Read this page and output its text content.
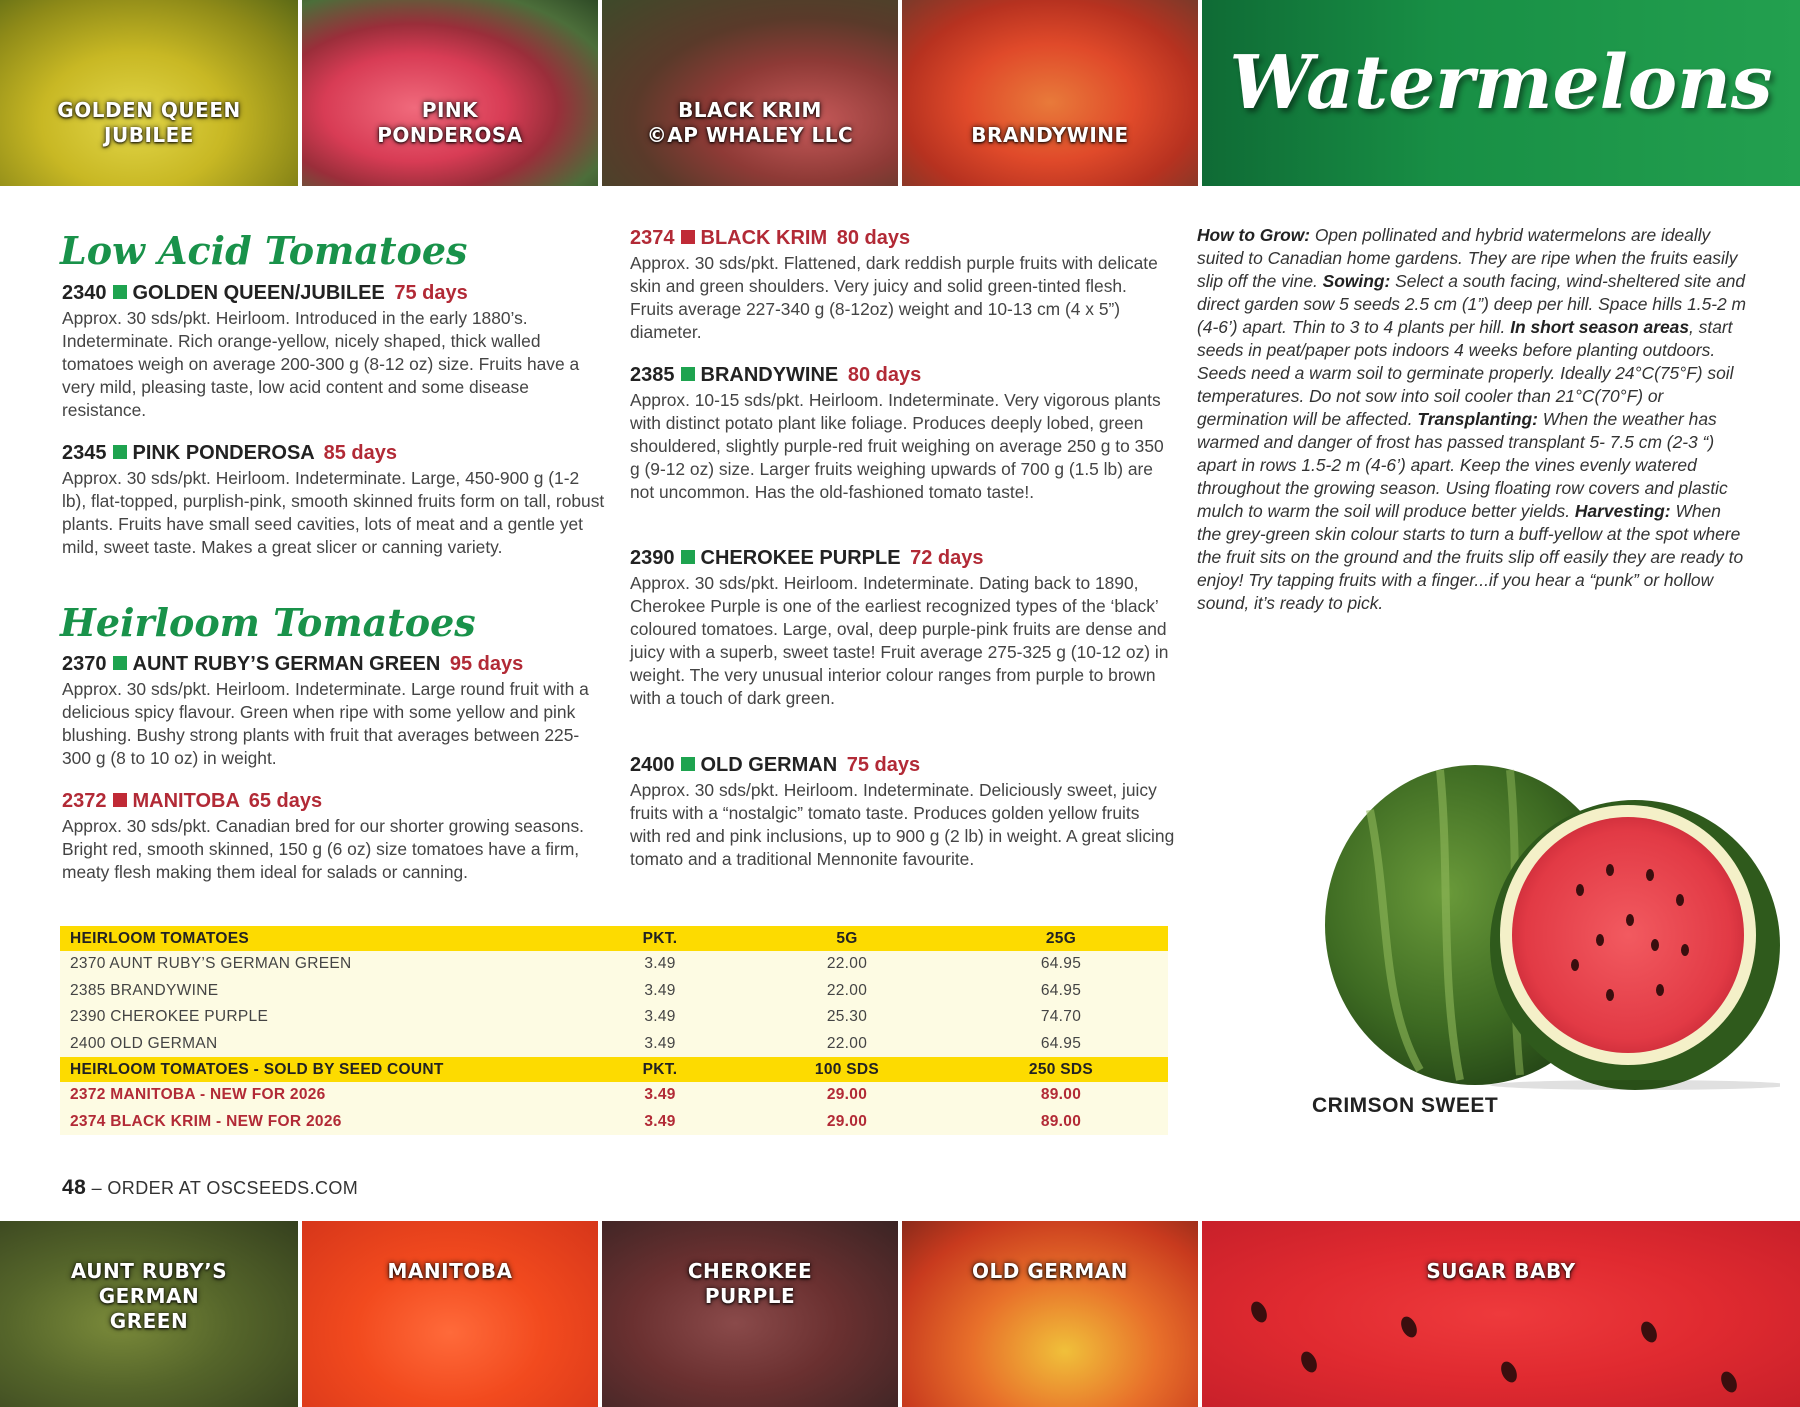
GOLDEN QUEEN
JUBILEE
PINK
PONDEROSA
BLACK KRIM
©AP WHALEY LLC	BRANDYWINE
Watermelons
Low Acid Tomatoes
2340 GOLDEN QUEEN/JUBILEE 75 days
Approx. 30 sds/pkt. Heirloom. Introduced in the early 1880’s. Indeterminate. Rich orange-yellow, nicely shaped, thick walled tomatoes weigh on average 200-300 g (8-12 oz) size. Fruits have a very mild, pleasing taste, low acid content and some disease resistance.
2345 PINK PONDEROSA 85 days
Approx. 30 sds/pkt. Heirloom. Indeterminate. Large, 450-900 g (1-2 lb), flat-topped, purplish-pink, smooth skinned fruits form on tall, robust plants. Fruits have small seed cavities, lots of meat and a gentle yet mild, sweet taste. Makes a great slicer or canning variety.
Heirloom Tomatoes
2370 AUNT RUBY’S GERMAN GREEN 95 days
Approx. 30 sds/pkt. Heirloom. Indeterminate. Large round fruit with a delicious spicy flavour. Green when ripe with some yellow and pink blushing. Bushy strong plants with fruit that averages between 225-300 g (8 to 10 oz) in weight.
2372 MANITOBA 65 days
Approx. 30 sds/pkt. Canadian bred for our shorter growing seasons. Bright red, smooth skinned, 150 g (6 oz) size tomatoes have a firm, meaty flesh making them ideal for salads or canning.
2374 BLACK KRIM 80 days
Approx. 30 sds/pkt. Flattened, dark reddish purple fruits with delicate skin and green shoulders. Very juicy and solid green-tinted flesh. Fruits average 227-340 g (8-12oz) weight and 10-13 cm (4 x 5”) diameter.
2385 BRANDYWINE 80 days
Approx. 10-15 sds/pkt. Heirloom. Indeterminate. Very vigorous plants with distinct potato plant like foliage. Produces deeply lobed, green shouldered, slightly purple-red fruit weighing on average 250 g to 350 g (9-12 oz) size. Larger fruits weighing upwards of 700 g (1.5 lb) are not uncommon. Has the old-fashioned tomato taste!.
2390 CHEROKEE PURPLE 72 days
Approx. 30 sds/pkt. Heirloom. Indeterminate. Dating back to 1890, Cherokee Purple is one of the earliest recognized types of the ‘black’ coloured tomatoes. Large, oval, deep purple-pink fruits are dense and juicy with a superb, sweet taste! Fruit average 275-325 g (10-12 oz) in weight. The very unusual interior colour ranges from purple to brown with a touch of dark green.
2400 OLD GERMAN 75 days
Approx. 30 sds/pkt. Heirloom. Indeterminate. Deliciously sweet, juicy fruits with a “nostalgic” tomato taste. Produces golden yellow fruits with red and pink inclusions, up to 900 g (2 lb) in weight. A great slicing tomato and a traditional Mennonite favourite.
How to Grow: Open pollinated and hybrid watermelons are ideally suited to Canadian home gardens. They are ripe when the fruits easily slip off the vine. Sowing: Select a south facing, wind-sheltered site and direct garden sow 5 seeds 2.5 cm (1”) deep per hill. Space hills 1.5-2 m (4-6’) apart. Thin to 3 to 4 plants per hill. In short season areas, start seeds in peat/paper pots indoors 4 weeks before planting outdoors. Seeds need a warm soil to germinate properly. Ideally 24°C(75°F) soil temperatures. Do not sow into soil cooler than 21°C(70°F) or germination will be affected. Transplanting: When the weather has warmed and danger of frost has passed transplant 5- 7.5 cm (2-3 “) apart in rows 1.5-2 m (4-6’) apart. Keep the vines evenly watered throughout the growing season. Using floating row covers and plastic mulch to warm the soil will produce better yields. Harvesting: When the grey-green skin colour starts to turn a buff-yellow at the spot where the fruit sits on the ground and the fruits slip off easily they are ready to enjoy! Try tapping fruits with a finger...if you hear a “punk” or hollow sound, it’s ready to pick.
CRIMSON SWEET
HEIRLOOM TOMATOES	PKT.	5G	25G
2370 AUNT RUBY’S GERMAN GREEN	3.49	22.00	64.95
2385 BRANDYWINE	3.49	22.00	64.95
2390 CHEROKEE PURPLE	3.49	25.30	74.70
2400 OLD GERMAN	3.49	22.00	64.95
HEIRLOOM TOMATOES - SOLD BY SEED COUNT	PKT.	100 SDS	250 SDS
2372 MANITOBA - NEW FOR 2026	3.49	29.00	89.00
2374 BLACK KRIM - NEW FOR 2026	3.49	29.00	89.00
48 – ORDER AT OSCSEEDS.COM
AUNT RUBY’S
GERMAN
GREEN
MANITOBA	CHEROKEE
PURPLE
OLD GERMAN	SUGAR BABY
